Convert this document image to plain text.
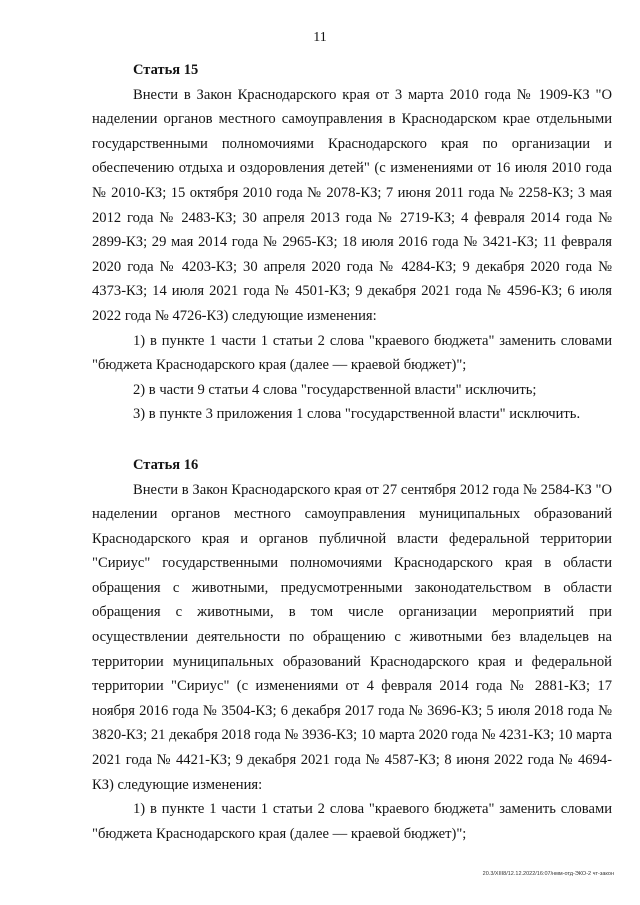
11
Статья 15

Внести в Закон Краснодарского края от 3 марта 2010 года № 1909-КЗ "О наделении органов местного самоуправления в Краснодарском крае отдельными государственными полномочиями Краснодарского края по организации и обеспечению отдыха и оздоровления детей" (с изменениями от 16 июля 2010 года № 2010-КЗ; 15 октября 2010 года № 2078-КЗ; 7 июня 2011 года № 2258-КЗ; 3 мая 2012 года № 2483-КЗ; 30 апреля 2013 года № 2719-КЗ; 4 февраля 2014 года № 2899-КЗ; 29 мая 2014 года № 2965-КЗ; 18 июля 2016 года № 3421-КЗ; 11 февраля 2020 года № 4203-КЗ; 30 апреля 2020 года № 4284-КЗ; 9 декабря 2020 года № 4373-КЗ; 14 июля 2021 года № 4501-КЗ; 9 декабря 2021 года № 4596-КЗ; 6 июля 2022 года № 4726-КЗ) следующие изменения:

1) в пункте 1 части 1 статьи 2 слова "краевого бюджета" заменить словами "бюджета Краснодарского края (далее — краевой бюджет)";
2) в части 9 статьи 4 слова "государственной власти" исключить;
3) в пункте 3 приложения 1 слова "государственной власти" исключить.
Статья 16

Внести в Закон Краснодарского края от 27 сентября 2012 года № 2584-КЗ "О наделении органов местного самоуправления муниципальных образований Краснодарского края и органов публичной власти федеральной территории "Сириус" государственными полномочиями Краснодарского края в области обращения с животными, предусмотренными законодательством в области обращения с животными, в том числе организации мероприятий при осуществлении деятельности по обращению с животными без владельцев на территории муниципальных образований Краснодарского края и федеральной территории "Сириус" (с изменениями от 4 февраля 2014 года № 2881-КЗ; 17 ноября 2016 года № 3504-КЗ; 6 декабря 2017 года № 3696-КЗ; 5 июля 2018 года № 3820-КЗ; 21 декабря 2018 года № 3936-КЗ; 10 марта 2020 года № 4231-КЗ; 10 марта 2021 года № 4421-КЗ; 9 декабря 2021 года № 4587-КЗ; 8 июня 2022 года № 4694-КЗ) следующие изменения:

1) в пункте 1 части 1 статьи 2 слова "краевого бюджета" заменить словами "бюджета Краснодарского края (далее — краевой бюджет)";
20.3/XIII8/12.12.2022/16:07/нмм-отд-ЭКО-2 чт-закон
